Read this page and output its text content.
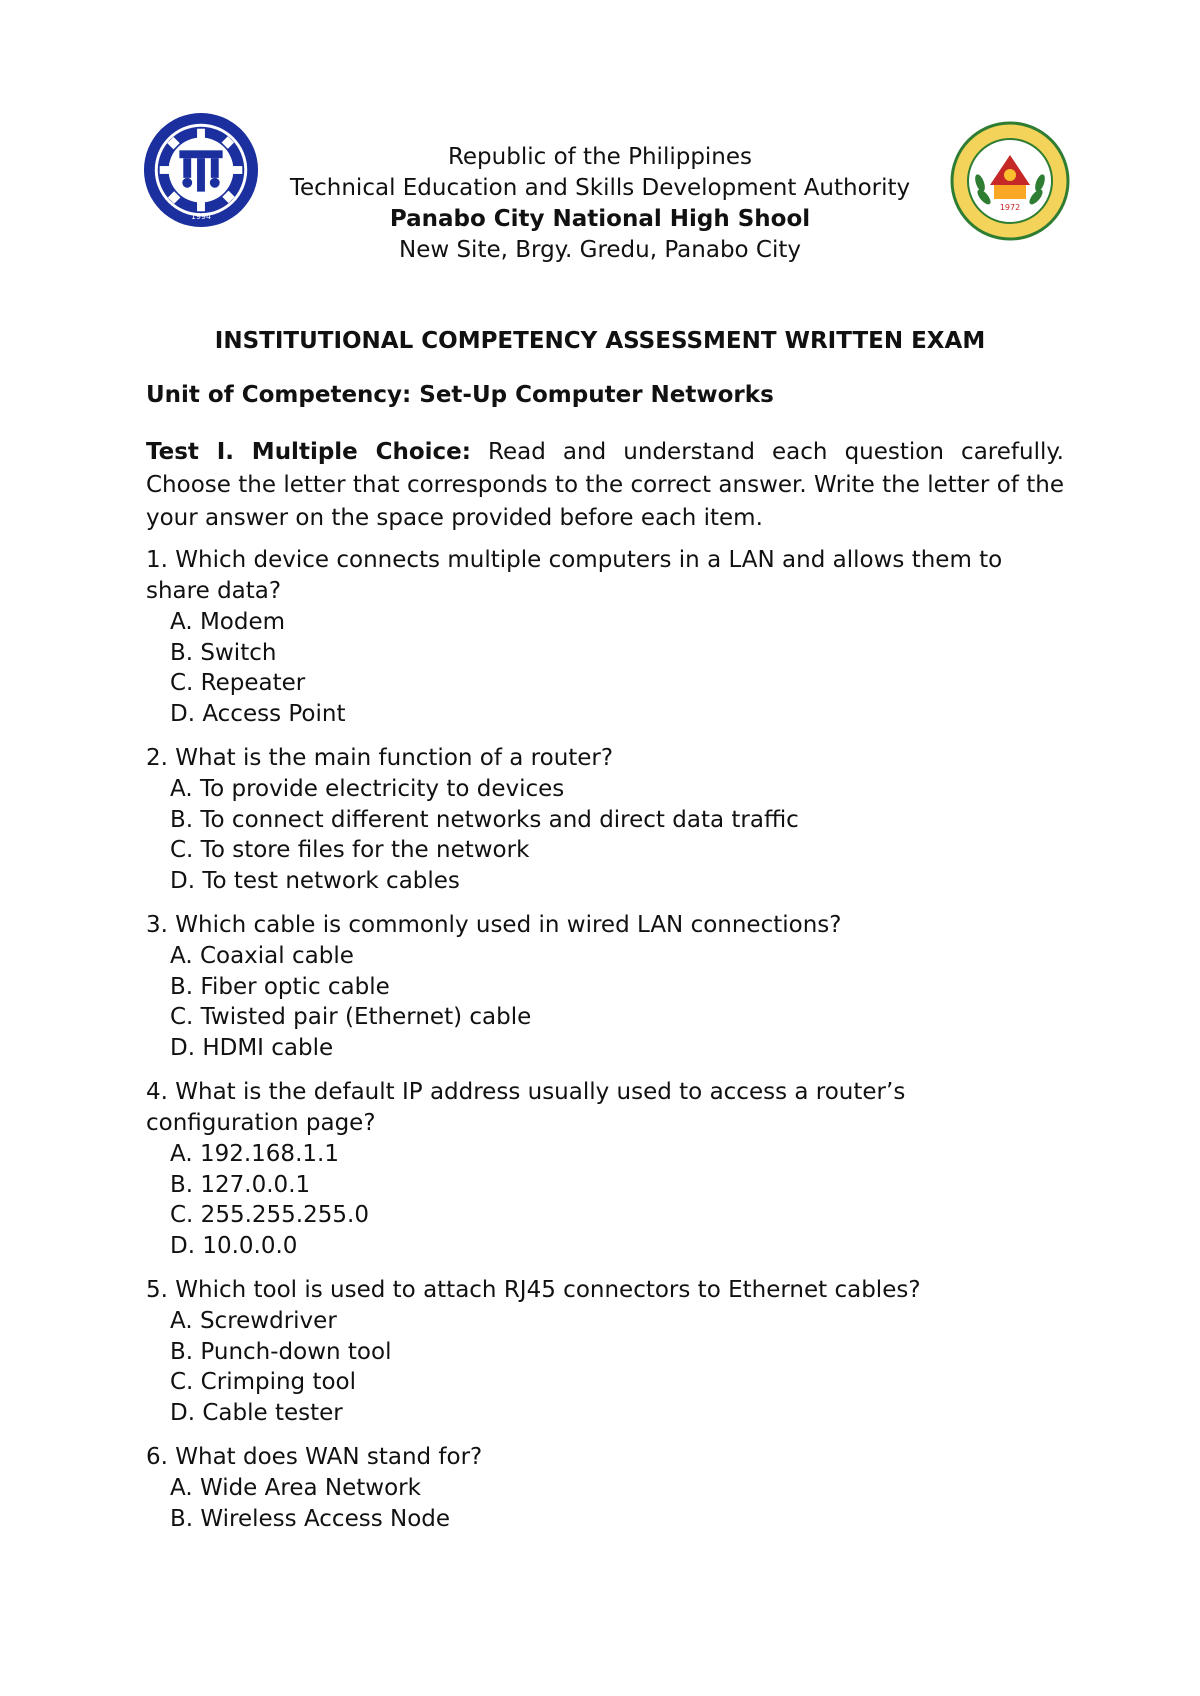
1994
1972
Republic of the Philippines
Technical Education and Skills Development Authority
Panabo City National High Shool
New Site, Brgy. Gredu, Panabo City
INSTITUTIONAL COMPETENCY ASSESSMENT WRITTEN EXAM
Unit of Competency: Set-Up Computer Networks
Test I. Multiple Choice: Read and understand each question carefully. Choose the letter that corresponds to the correct answer. Write the letter of the your answer on the space provided before each item.
1. Which device connects multiple computers in a LAN and allows them to share data?
A. Modem
B. Switch
C. Repeater
D. Access Point
2. What is the main function of a router?
A. To provide electricity to devices
B. To connect different networks and direct data traffic
C. To store files for the network
D. To test network cables
3. Which cable is commonly used in wired LAN connections?
A. Coaxial cable
B. Fiber optic cable
C. Twisted pair (Ethernet) cable
D. HDMI cable
4. What is the default IP address usually used to access a router’s configuration page?
A. 192.168.1.1
B. 127.0.0.1
C. 255.255.255.0
D. 10.0.0.0
5. Which tool is used to attach RJ45 connectors to Ethernet cables?
A. Screwdriver
B. Punch-down tool
C. Crimping tool
D. Cable tester
6. What does WAN stand for?
A. Wide Area Network
B. Wireless Access Node
